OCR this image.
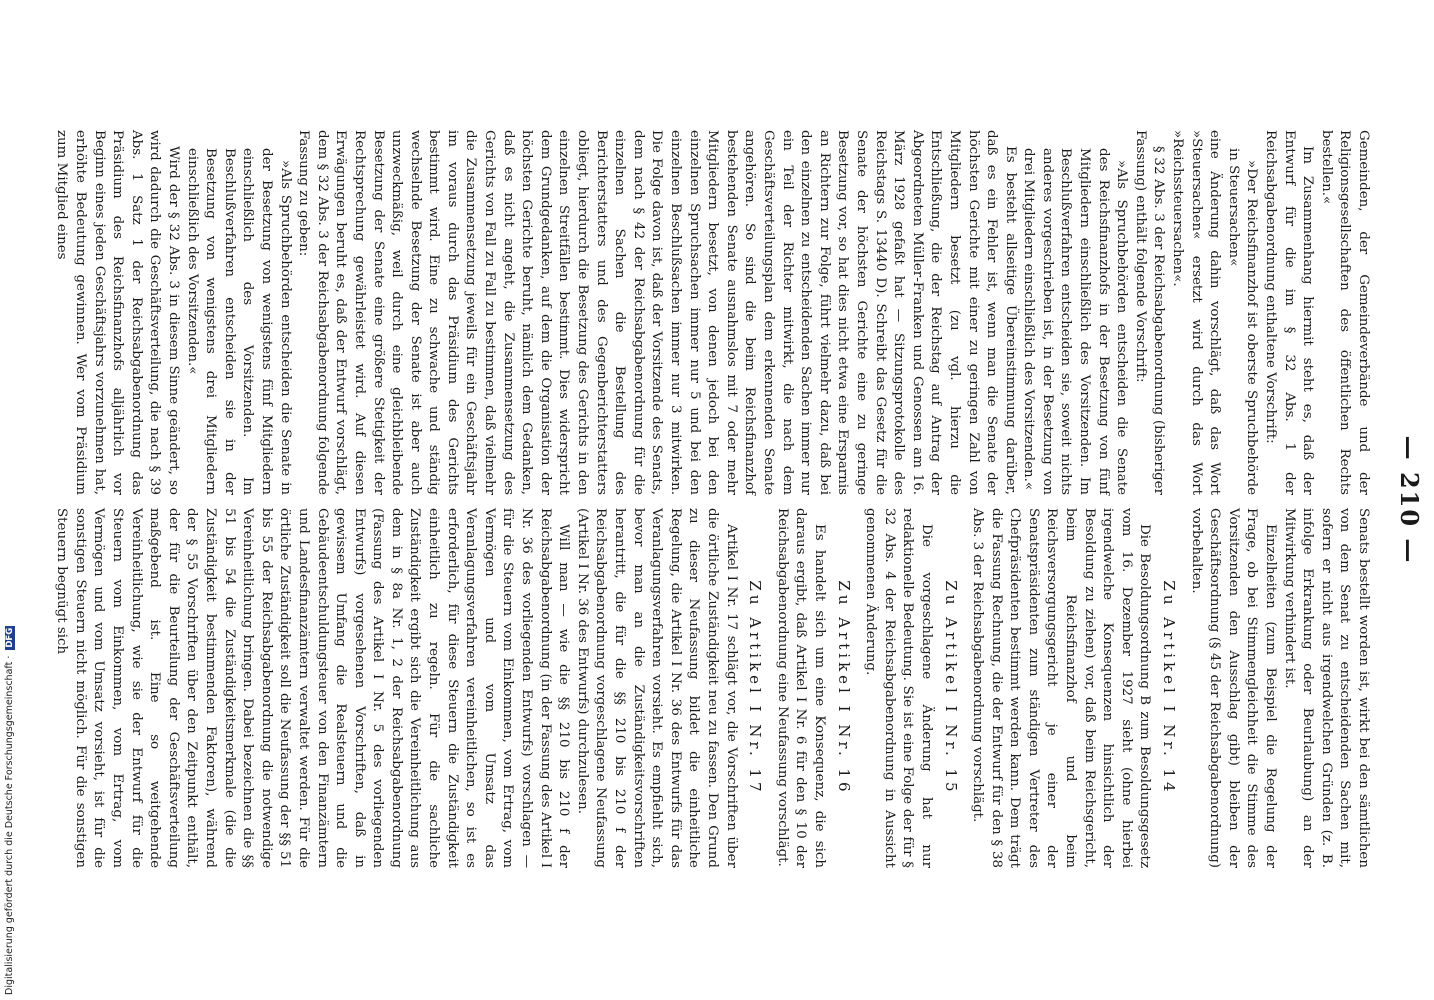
— 210 —

Gemeinden, der Gemeindeverbände und der Religionsgesellschaften des öffentlichen Rechts bestellen.«

Im Zusammenhang hiermit steht es, daß der Entwurf für die im § 32 Abs. 1 der Reichsabgabenordnung enthaltene Vorschrift:

»Der Reichsfinanzhof ist oberste Spruchbehörde in Steuersachen«

eine Änderung dahin vorschlägt, daß das Wort »Steuersachen« ersetzt wird durch das Wort »Reichssteuersachen«.

§ 32 Abs. 3 der Reichsabgabenordnung (bisheriger Fassung) enthält folgende Vorschrift:

»Als Spruchbehörden entscheiden die Senate des Reichsfinanzhofs in der Besetzung von fünf Mitgliedern einschließlich des Vorsitzenden. Im Beschlußverfahren entscheiden sie, soweit nichts anderes vorgeschrieben ist, in der Besetzung von drei Mitgliedern einschließlich des Vorsitzenden.«

Es besteht allseitige Übereinstimmung darüber, daß es ein Fehler ist, wenn man die Senate der höchsten Gerichte mit einer zu geringen Zahl von Mitgliedern besetzt (zu vgl. hierzu die Entschließung, die der Reichstag auf Antrag der Abgeordneten Müller-Franken und Genossen am 16. März 1928 gefaßt hat — Sitzungsprotokolle des Reichstags S. 13440 D). Schreibt das Gesetz für die Senate der höchsten Gerichte eine zu geringe Besetzung vor, so hat dies nicht etwa eine Ersparnis an Richtern zur Folge, führt vielmehr dazu, daß bei den einzelnen zu entscheidenden Sachen immer nur ein Teil der Richter mitwirkt, die nach dem Geschäftsverteilungsplan dem erkennenden Senate angehören. So sind die beim Reichsfinanzhof bestehenden Senate ausnahmslos mit 7 oder mehr Mitgliedern besetzt, von denen jedoch bei den einzelnen Spruchsachen immer nur 5 und bei den einzelnen Beschlußsachen immer nur 3 mitwirken. Die Folge davon ist, daß der Vorsitzende des Senats, dem nach § 42 der Reichsabgabenordnung für die einzelnen Sachen die Bestellung des Berichterstatters und des Gegenberichterstatters obliegt, hierdurch die Besetzung des Gerichts in den einzelnen Streitfällen bestimmt. Dies widerspricht dem Grundgedanken, auf dem die Organisation der höchsten Gerichte beruht, nämlich dem Gedanken, daß es nicht angeht, die Zusammensetzung des Gerichts von Fall zu Fall zu bestimmen, daß vielmehr die Zusammensetzung jeweils für ein Geschäftsjahr im voraus durch das Präsidium des Gerichts bestimmt wird. Eine zu schwache und ständig wechselnde Besetzung der Senate ist aber auch unzweckmäßig, weil durch eine gleichbleibende Besetzung der Senate eine größere Stetigkeit der Rechtsprechung gewährleistet wird. Auf diesen Erwägungen beruht es, daß der Entwurf vorschlägt, dem § 32 Abs. 3 der Reichsabgabenordnung folgende Fassung zu geben:

»Als Spruchbehörden entscheiden die Senate in der Besetzung von wenigstens fünf Mitgliedern einschließlich des Vorsitzenden. Im Beschlußverfahren entscheiden sie in der Besetzung von wenigstens drei Mitgliedern einschließlich des Vorsitzenden.«

Wird der § 32 Abs. 3 in diesem Sinne geändert, so wird dadurch die Geschäftsverteilung, die nach § 39 Abs. 1 Satz 1 der Reichsabgabenordnung das Präsidium des Reichsfinanzhofs alljährlich vor Beginn eines jeden Geschäftsjahrs vorzunehmen hat, erhöhte Bedeutung gewinnen. Wer vom Präsidium zum Mitglied eines

Senats bestellt worden ist, wirkt bei den sämtlichen von dem Senat zu entscheidenden Sachen mit, sofern er nicht aus irgendwelchen Gründen (z. B. infolge Erkrankung oder Beurlaubung) an der Mitwirkung verhindert ist.

Einzelheiten (zum Beispiel die Regelung der Frage, ob bei Stimmengleichheit die Stimme des Vorsitzenden den Ausschlag gibt) bleiben der Geschäftsordnung (§ 45 der Reichsabgabenordnung) vorbehalten.

Zu Artikel I Nr. 14

Die Besoldungsordnung B zum Besoldungsgesetz vom 16. Dezember 1927 sieht (ohne hierbei irgendwelche Konsequenzen hinsichtlich der Besoldung zu ziehen) vor, daß beim Reichsgericht, beim Reichsfinanzhof und beim Reichsversorgungsgericht je einer der Senatspräsidenten zum ständigen Vertreter des Chefpräsidenten bestimmt werden kann. Dem trägt die Fassung Rechnung, die der Entwurf für den § 38 Abs. 3 der Reichsabgabenordnung vorschlägt.

Zu Artikel I Nr. 15

Die vorgeschlagene Änderung hat nur redaktionelle Bedeutung. Sie ist eine Folge der für § 32 Abs. 4 der Reichsabgabenordnung in Aussicht genommenen Änderung.

Zu Artikel I Nr. 16

Es handelt sich um eine Konsequenz, die sich daraus ergibt, daß Artikel I Nr. 6 für den § 10 der Reichsabgabenordnung eine Neufassung vorschlägt.

Zu Artikel I Nr. 17

Artikel I Nr. 17 schlägt vor, die Vorschriften über die örtliche Zuständigkeit neu zu fassen. Den Grund zu dieser Neufassung bildet die einheitliche Regelung, die Artikel I Nr. 36 des Entwurfs für das Veranlagungsverfahren vorsieht. Es empfiehlt sich, bevor man an die Zuständigkeitsvorschriften herantritt, die für die §§ 210 bis 210 f der Reichsabgabenordnung vorgeschlagene Neufassung (Artikel I Nr. 36 des Entwurfs) durchzulesen.

Will man — wie die §§ 210 bis 210 f der Reichsabgabenordnung (in der Fassung des Artikel I Nr. 36 des vorliegenden Entwurfs) vorschlagen — für die Steuern vom Einkommen, vom Ertrag, vom Vermögen und vom Umsatz das Veranlagungsverfahren vereinheitlichen, so ist es erforderlich, für diese Steuern die Zuständigkeit einheitlich zu regeln. Für die sachliche Zuständigkeit ergibt sich die Vereinheitlichung aus dem in § 8a Nr. 1, 2 der Reichsabgabenordnung (Fassung des Artikel I Nr. 5 des vorliegenden Entwurfs) vorgesehenen Vorschriften, daß in gewissem Umfang die Realsteuern und die Gebäudeentschuldungsteuer von den Finanzämtern und Landesfinanzämtern verwaltet werden. Für die örtliche Zuständigkeit soll die Neufassung der §§ 51 bis 55 der Reichsabgabenordnung die notwendige Vereinheitlichung bringen. Dabei bezeichnen die §§ 51 bis 54 die Zuständigkeitsmerkmale (die die Zuständigkeit bestimmenden Faktoren), während der § 55 Vorschriften über den Zeitpunkt enthält, der für die Beurteilung der Geschäftsverteilung maßgebend ist. Eine so weitgehende Vereinheitlichung, wie sie der Entwurf für die Steuern vom Einkommen, vom Ertrag, vom Vermögen und vom Umsatz vorsieht, ist für die sonstigen Steuern nicht möglich. Für die sonstigen Steuern begnügt sich

Digitalisierung gefördert durch die Deutsche Forschungsgemeinschaft · DFG
